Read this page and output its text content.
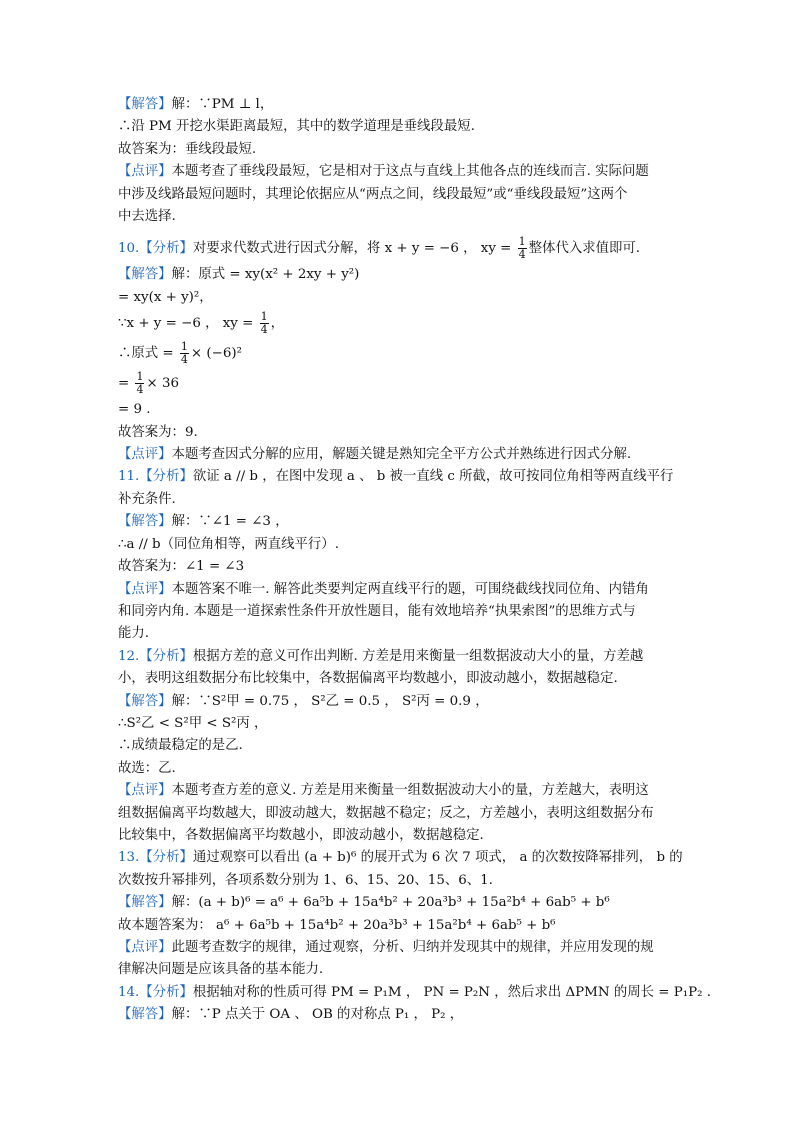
【解答】解：∵PM ⊥ l，
∴沿 PM 开挖水渠距离最短，其中的数学道理是垂线段最短.
故答案为：垂线段最短.
【点评】本题考查了垂线段最短，它是相对于这点与直线上其他各点的连线而言. 实际问题
中涉及线路最短问题时，其理论依据应从“两点之间，线段最短”或“垂线段最短”这两个
中去选择.
10.【分析】对要求代数式进行因式分解，将 x + y = −6 ， xy = $\frac{1}{4}$ 整体代入求值即可.
【解答】解：原式 = xy(x² + 2xy + y²)
= xy(x + y)²，
∵x + y = −6 ， xy = $\frac{1}{4}$ ，
∴原式 = $\frac{1}{4} \times (-6)^2$
= $\frac{1}{4} \times 36$
= 9 .
故答案为：9.
【点评】本题考查因式分解的应用，解题关键是熟知完全平方公式并熟练进行因式分解.
11.【分析】欲证 a // b ，在图中发现 a 、 b 被一直线 c 所截，故可按同位角相等两直线平行
补充条件.
【解答】解：∵∠1 = ∠3 ，
∴a // b（同位角相等，两直线平行）.
故答案为：∠1 = ∠3
【点评】本题答案不唯一. 解答此类要判定两直线平行的题，可围绕截线找同位角、内错角
和同旁内角. 本题是一道探索性条件开放性题目，能有效地培养“执果索图”的思维方式与
能力.
12.【分析】根据方差的意义可作出判断. 方差是用来衡量一组数据波动大小的量，方差越
小，表明这组数据分布比较集中，各数据偏离平均数越小，即波动越小，数据越稳定.
【解答】解：∵S²甲 = 0.75 ， S²乙 = 0.5 ， S²丙 = 0.9 ，
∴S²乙 < S²甲 < S²丙 ，
∴成绩最稳定的是乙.
故选：乙.
【点评】本题考查方差的意义. 方差是用来衡量一组数据波动大小的量，方差越大，表明这
组数据偏离平均数越大，即波动越大，数据越不稳定；反之，方差越小，表明这组数据分布
比较集中，各数据偏离平均数越小，即波动越小，数据越稳定.
13.【分析】通过观察可以看出 (a + b)⁶ 的展开式为 6 次 7 项式， a 的次数按降幂排列， b 的
次数按升幂排列，各项系数分别为 1、6、15、20、15、6、1.
【解答】解：(a + b)⁶ = a⁶ + 6a⁵b + 15a⁴b² + 20a³b³ + 15a²b⁴ + 6ab⁵ + b⁶
故本题答案为： a⁶ + 6a⁵b + 15a⁴b² + 20a³b³ + 15a²b⁴ + 6ab⁵ + b⁶
【点评】此题考查数字的规律，通过观察，分析、归纳并发现其中的规律，并应用发现的规
律解决问题是应该具备的基本能力.
14.【分析】根据轴对称的性质可得 PM = P₁M ， PN = P₂N ，然后求出 ΔPMN 的周长 = P₁P₂ .
【解答】解：∵P 点关于 OA 、 OB 的对称点 P₁ ， P₂ ，
